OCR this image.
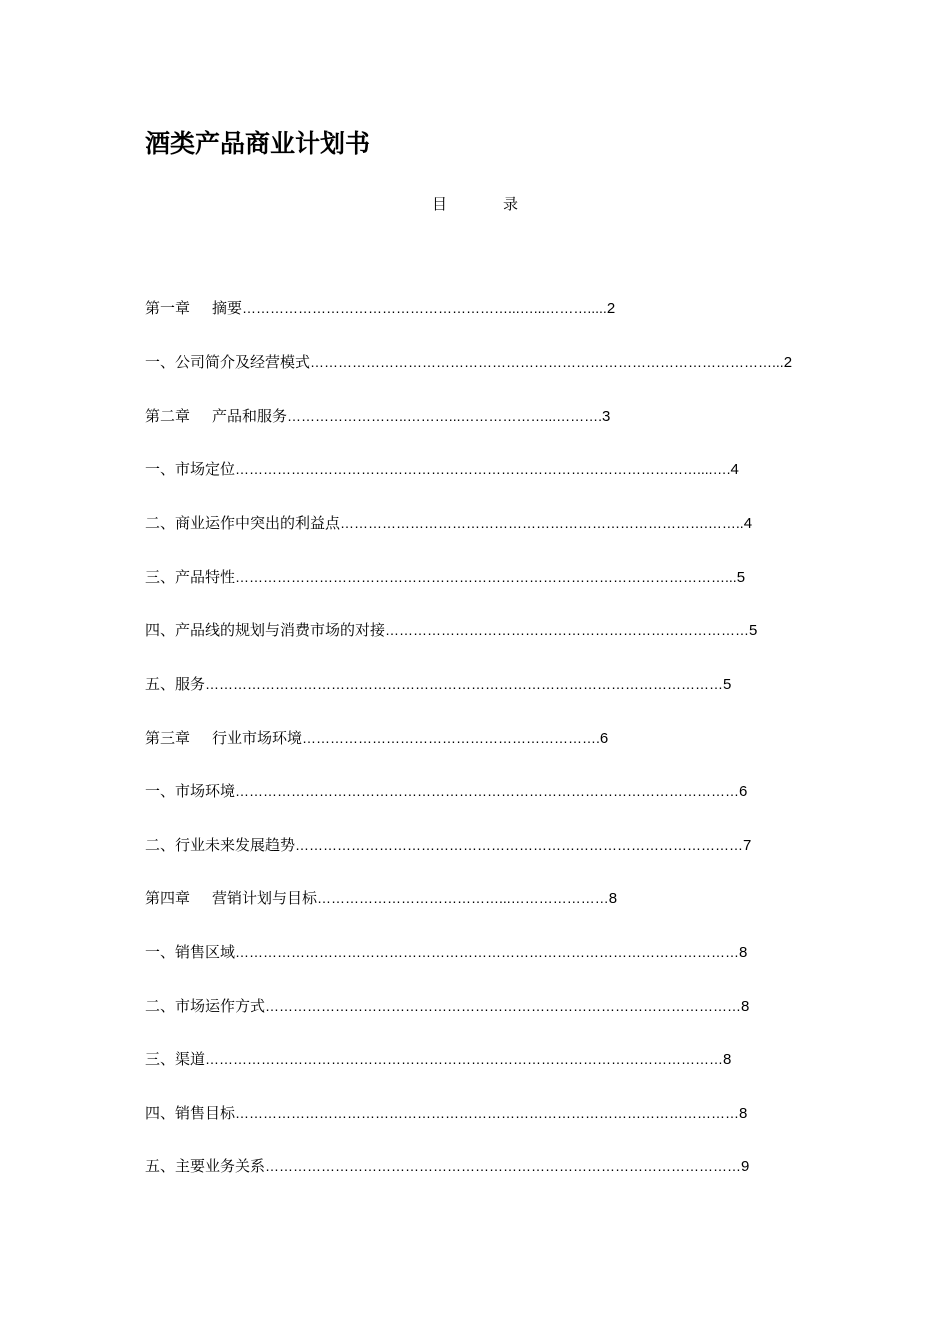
酒类产品商业计划书
目	录
第一章 摘要…………………………………………………...…...……….....2
一、公司简介及经营模式………………………………………………………………………………………...2
第二章 产品和服务……………………..………...………………...……….3
一、市场定位………………………………………………………………………………………....….4
二、商业运作中突出的利益点…………………………………………………………………….……..4
三、产品特性……………………………………………………………………………………………...5
四、产品线的规划与消费市场的对接……………………………………………………………………5
五、服务…………………………………………………………………………………………………5
第三章 行业市场环境……………………………………………………….6
一、市场环境………………………………………………………………………………………………6
二、行业未来发展趋势……………………………………………………………………………………7
第四章 营销计划与目标…………………………………...…………………8
一、销售区域………………………………………………………………………………………………8
二、市场运作方式…………………………………………………………………………………………8
三、渠道…………………………………………………………………………………………………8
四、销售目标………………………………………………………………………………………………8
五、主要业务关系…………………………………………………………………………………………9
